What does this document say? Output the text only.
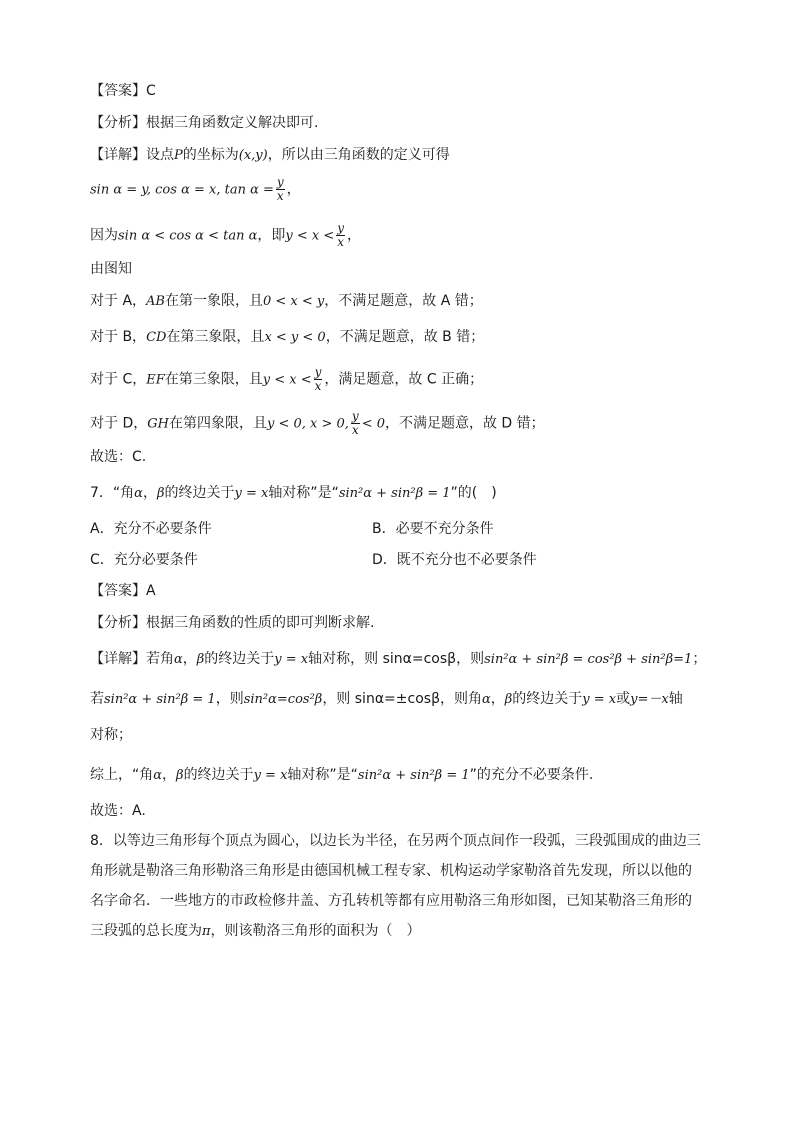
【答案】C
【分析】根据三角函数定义解决即可.
【详解】设点P的坐标为(x,y)，所以由三角函数的定义可得
sin α = y, cos α = x, $\tan \alpha = \frac{y}{x}$ ，
因为sin α < cos α < tan α，即$y < x < \frac{y}{x}$ ，
由图知
对于 A，AB在第一象限，且0 < x < y，不满足题意，故 A 错；
对于 B，CD在第三象限，且x < y < 0，不满足题意，故 B 错；
对于 C，EF在第三象限，且$y < x < \frac{y}{x}$ ，满足题意，故 C 正确；
对于 D，GH在第四象限，且y < 0, x > 0, $\frac{y}{x} < 0$，不满足题意，故 D 错；
故选：C.
7．“角α，β的终边关于y = x轴对称”是“sin²α + sin²β = 1”的(　)
A．充分不必要条件	B．必要不充分条件
C．充分必要条件	D．既不充分也不必要条件
【答案】A
【分析】根据三角函数的性质的即可判断求解.
【详解】若角α，β的终边关于y = x轴对称，则 sinα=cosβ，则sin²α + sin²β = cos²β + sin²β=1；
若sin²α + sin²β = 1，则sin²α=cos²β，则 sinα=±cosβ，则角α，β的终边关于y = x或y=－x轴
对称；
综上，“角α，β的终边关于y = x轴对称”是“sin²α + sin²β = 1”的充分不必要条件.
故选：A.
8．以等边三角形每个顶点为圆心，以边长为半径，在另两个顶点间作一段弧，三段弧围成的曲边三
角形就是勒洛三角形勒洛三角形是由德国机械工程专家、机构运动学家勒洛首先发现，所以以他的
名字命名．一些地方的市政检修井盖、方孔转机等都有应用勒洛三角形如图，已知某勒洛三角形的
三段弧的总长度为π，则该勒洛三角形的面积为（　）
